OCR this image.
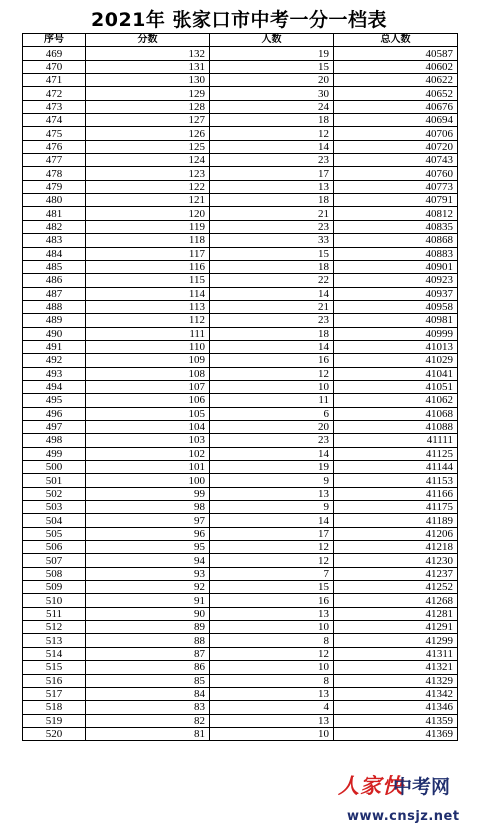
2021年 张家口市中考一分一档表
序号	分数	人数	总人数
469	132	19	40587
470	131	15	40602
471	130	20	40622
472	129	30	40652
473	128	24	40676
474	127	18	40694
475	126	12	40706
476	125	14	40720
477	124	23	40743
478	123	17	40760
479	122	13	40773
480	121	18	40791
481	120	21	40812
482	119	23	40835
483	118	33	40868
484	117	15	40883
485	116	18	40901
486	115	22	40923
487	114	14	40937
488	113	21	40958
489	112	23	40981
490	111	18	40999
491	110	14	41013
492	109	16	41029
493	108	12	41041
494	107	10	41051
495	106	11	41062
496	105	6	41068
497	104	20	41088
498	103	23	41111
499	102	14	41125
500	101	19	41144
501	100	9	41153
502	99	13	41166
503	98	9	41175
504	97	14	41189
505	96	17	41206
506	95	12	41218
507	94	12	41230
508	93	7	41237
509	92	15	41252
510	91	16	41268
511	90	13	41281
512	89	10	41291
513	88	8	41299
514	87	12	41311
515	86	10	41321
516	85	8	41329
517	84	13	41342
518	83	4	41346
519	82	13	41359
520	81	10	41369
人家快
中考网
www.cnsjz.net
